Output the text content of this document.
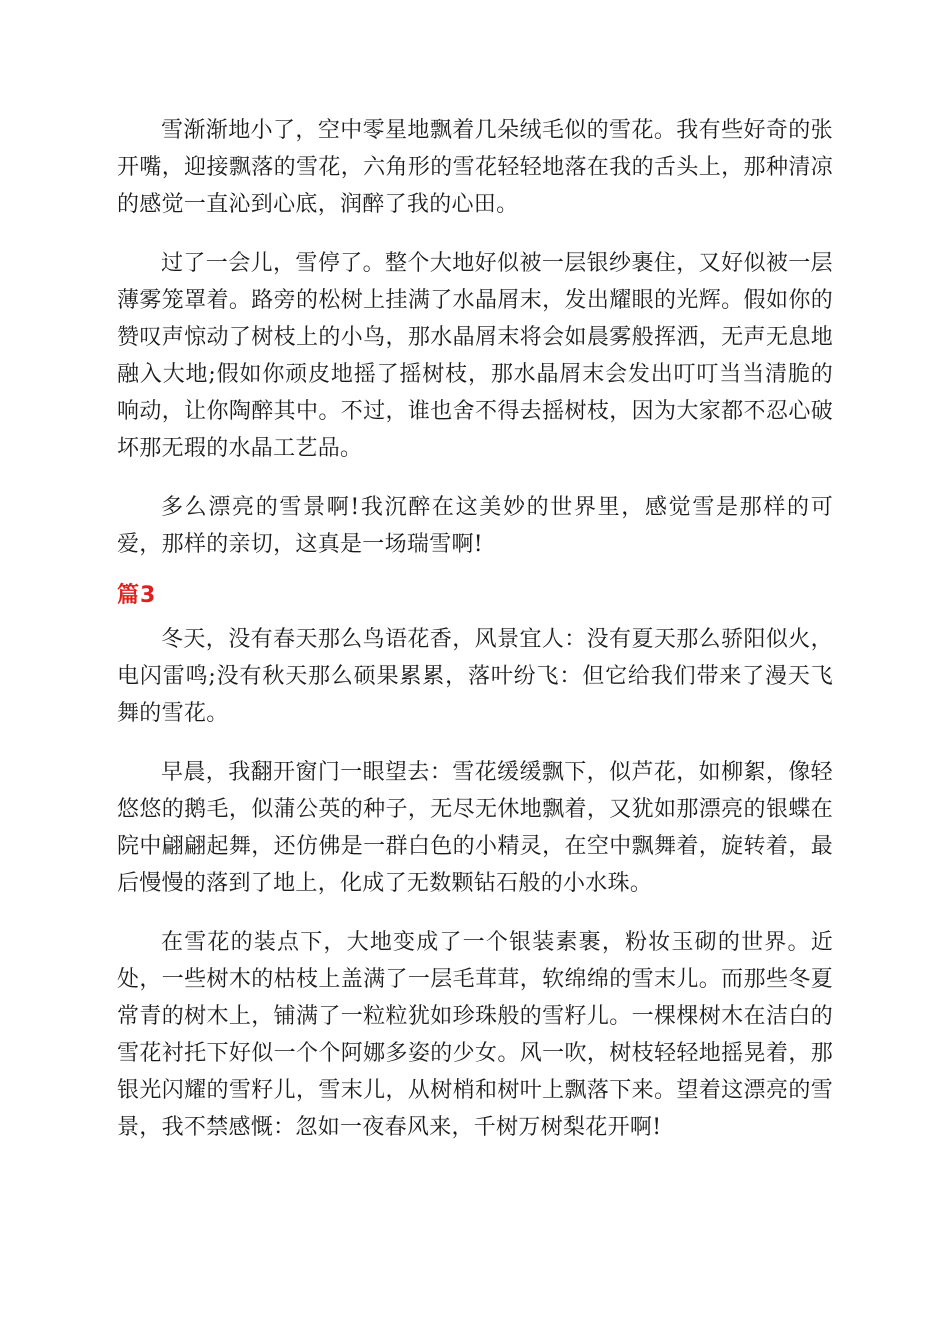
雪渐渐地小了，空中零星地飘着几朵绒毛似的雪花。我有些好奇的张开嘴，迎接飘落的雪花，六角形的雪花轻轻地落在我的舌头上，那种清凉的感觉一直沁到心底，润醉了我的心田。

过了一会儿，雪停了。整个大地好似被一层银纱裹住，又好似被一层薄雾笼罩着。路旁的松树上挂满了水晶屑末，发出耀眼的光辉。假如你的赞叹声惊动了树枝上的小鸟，那水晶屑末将会如晨雾般挥洒，无声无息地融入大地;假如你顽皮地摇了摇树枝，那水晶屑末会发出叮叮当当清脆的响动，让你陶醉其中。不过，谁也舍不得去摇树枝，因为大家都不忍心破坏那无瑕的水晶工艺品。

多么漂亮的雪景啊!我沉醉在这美妙的世界里，感觉雪是那样的可爱，那样的亲切，这真是一场瑞雪啊!

篇3

冬天，没有春天那么鸟语花香，风景宜人：没有夏天那么骄阳似火，电闪雷鸣;没有秋天那么硕果累累，落叶纷飞：但它给我们带来了漫天飞舞的雪花。

早晨，我翻开窗门一眼望去：雪花缓缓飘下，似芦花，如柳絮，像轻悠悠的鹅毛，似蒲公英的种子，无尽无休地飘着，又犹如那漂亮的银蝶在院中翩翩起舞，还仿佛是一群白色的小精灵，在空中飘舞着，旋转着，最后慢慢的落到了地上，化成了无数颗钻石般的小水珠。

在雪花的装点下，大地变成了一个银装素裹，粉妆玉砌的世界。近处，一些树木的枯枝上盖满了一层毛茸茸，软绵绵的雪末儿。而那些冬夏常青的树木上，铺满了一粒粒犹如珍珠般的雪籽儿。一棵棵树木在洁白的雪花衬托下好似一个个阿娜多姿的少女。风一吹，树枝轻轻地摇晃着，那银光闪耀的雪籽儿，雪末儿，从树梢和树叶上飘落下来。望着这漂亮的雪景，我不禁感慨：忽如一夜春风来，千树万树梨花开啊!
